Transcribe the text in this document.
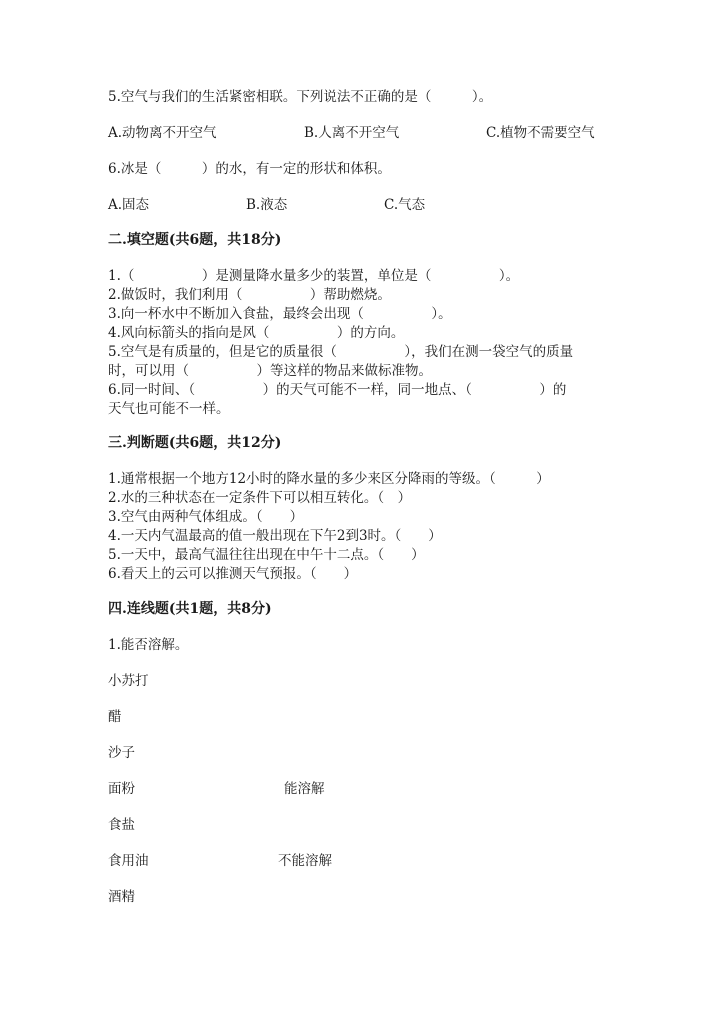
5.空气与我们的生活紧密相联。下列说法不正确的是（　　　）。
A.动物离不开空气	B.人离不开空气	C.植物不需要空气
6.冰是（　　　）的水，有一定的形状和体积。
A.固态	B.液态	C.气态
二.填空题(共6题，共18分)
1.（　　　　　）是测量降水量多少的装置，单位是（　　　　　）。
2.做饭时，我们利用（　　　　　）帮助燃烧。
3.向一杯水中不断加入食盐，最终会出现（　　　　　）。
4.风向标箭头的指向是风（　　　　　）的方向。
5.空气是有质量的，但是它的质量很（　　　　　），我们在测一袋空气的质量
时，可以用（　　　　　）等这样的物品来做标准物。
6.同一时间、（　　　　　）的天气可能不一样，同一地点、（　　　　　）的
天气也可能不一样。
三.判断题(共6题，共12分)
1.通常根据一个地方12小时的降水量的多少来区分降雨的等级。（　　　）
2.水的三种状态在一定条件下可以相互转化。（　）
3.空气由两种气体组成。（　　）
4.一天内气温最高的值一般出现在下午2到3时。（　　）
5.一天中，最高气温往往出现在中午十二点。（　　）
6.看天上的云可以推测天气预报。（　　）
四.连线题(共1题，共8分)
1.能否溶解。
小苏打
醋
沙子
面粉
食盐
食用油
酒精
能溶解
不能溶解
